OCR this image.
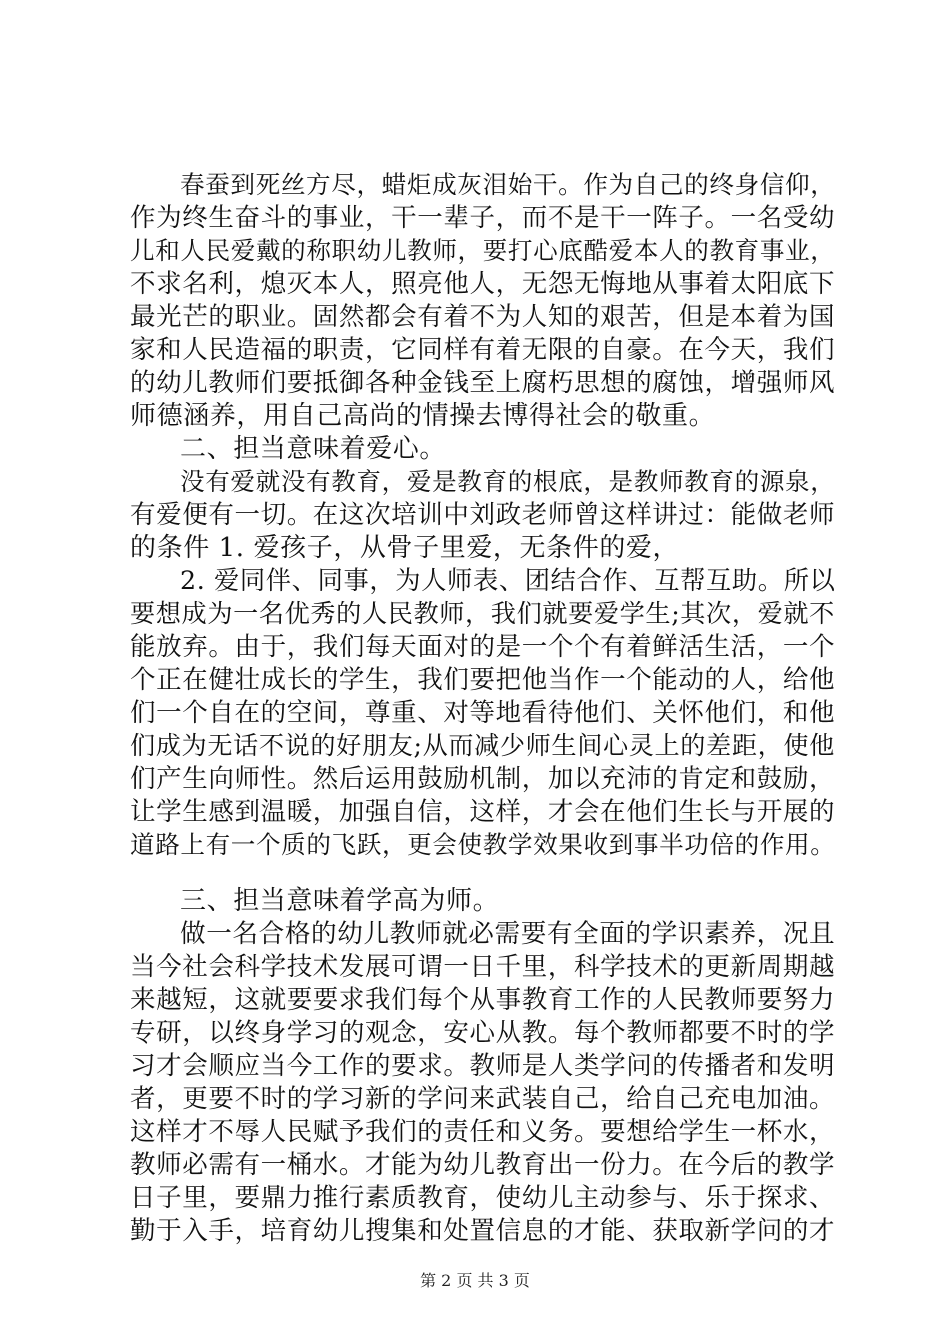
春蚕到死丝方尽，蜡炬成灰泪始干。作为自己的终身信仰，
作为终生奋斗的事业，干一辈子，而不是干一阵子。一名受幼
儿和人民爱戴的称职幼儿教师，要打心底酷爱本人的教育事业，
不求名利，熄灭本人，照亮他人，无怨无悔地从事着太阳底下
最光芒的职业。固然都会有着不为人知的艰苦，但是本着为国
家和人民造福的职责，它同样有着无限的自豪。在今天，我们
的幼儿教师们要抵御各种金钱至上腐朽思想的腐蚀，增强师风
师德涵养，用自己高尚的情操去博得社会的敬重。
二、担当意味着爱心。
没有爱就没有教育，爱是教育的根底，是教师教育的源泉，
有爱便有一切。在这次培训中刘政老师曾这样讲过：能做老师
的条件 1. 爱孩子，从骨子里爱，无条件的爱，
2. 爱同伴、同事，为人师表、团结合作、互帮互助。所以
要想成为一名优秀的人民教师，我们就要爱学生;其次，爱就不
能放弃。由于，我们每天面对的是一个个有着鲜活生活，一个
个正在健壮成长的学生，我们要把他当作一个能动的人，给他
们一个自在的空间，尊重、对等地看待他们、关怀他们，和他
们成为无话不说的好朋友;从而减少师生间心灵上的差距，使他
们产生向师性。然后运用鼓励机制，加以充沛的肯定和鼓励，
让学生感到温暖，加强自信，这样，才会在他们生长与开展的
道路上有一个质的飞跃，更会使教学效果收到事半功倍的作用。
三、担当意味着学高为师。
做一名合格的幼儿教师就必需要有全面的学识素养，况且
当今社会科学技术发展可谓一日千里，科学技术的更新周期越
来越短，这就要要求我们每个从事教育工作的人民教师要努力
专研，以终身学习的观念，安心从教。每个教师都要不时的学
习才会顺应当今工作的要求。教师是人类学问的传播者和发明
者，更要不时的学习新的学问来武装自己，给自己充电加油。
这样才不辱人民赋予我们的责任和义务。要想给学生一杯水，
教师必需有一桶水。才能为幼儿教育出一份力。在今后的教学
日子里，要鼎力推行素质教育，使幼儿主动参与、乐于探求、
勤于入手，培育幼儿搜集和处置信息的才能、获取新学问的才
第 2 页 共 3 页
